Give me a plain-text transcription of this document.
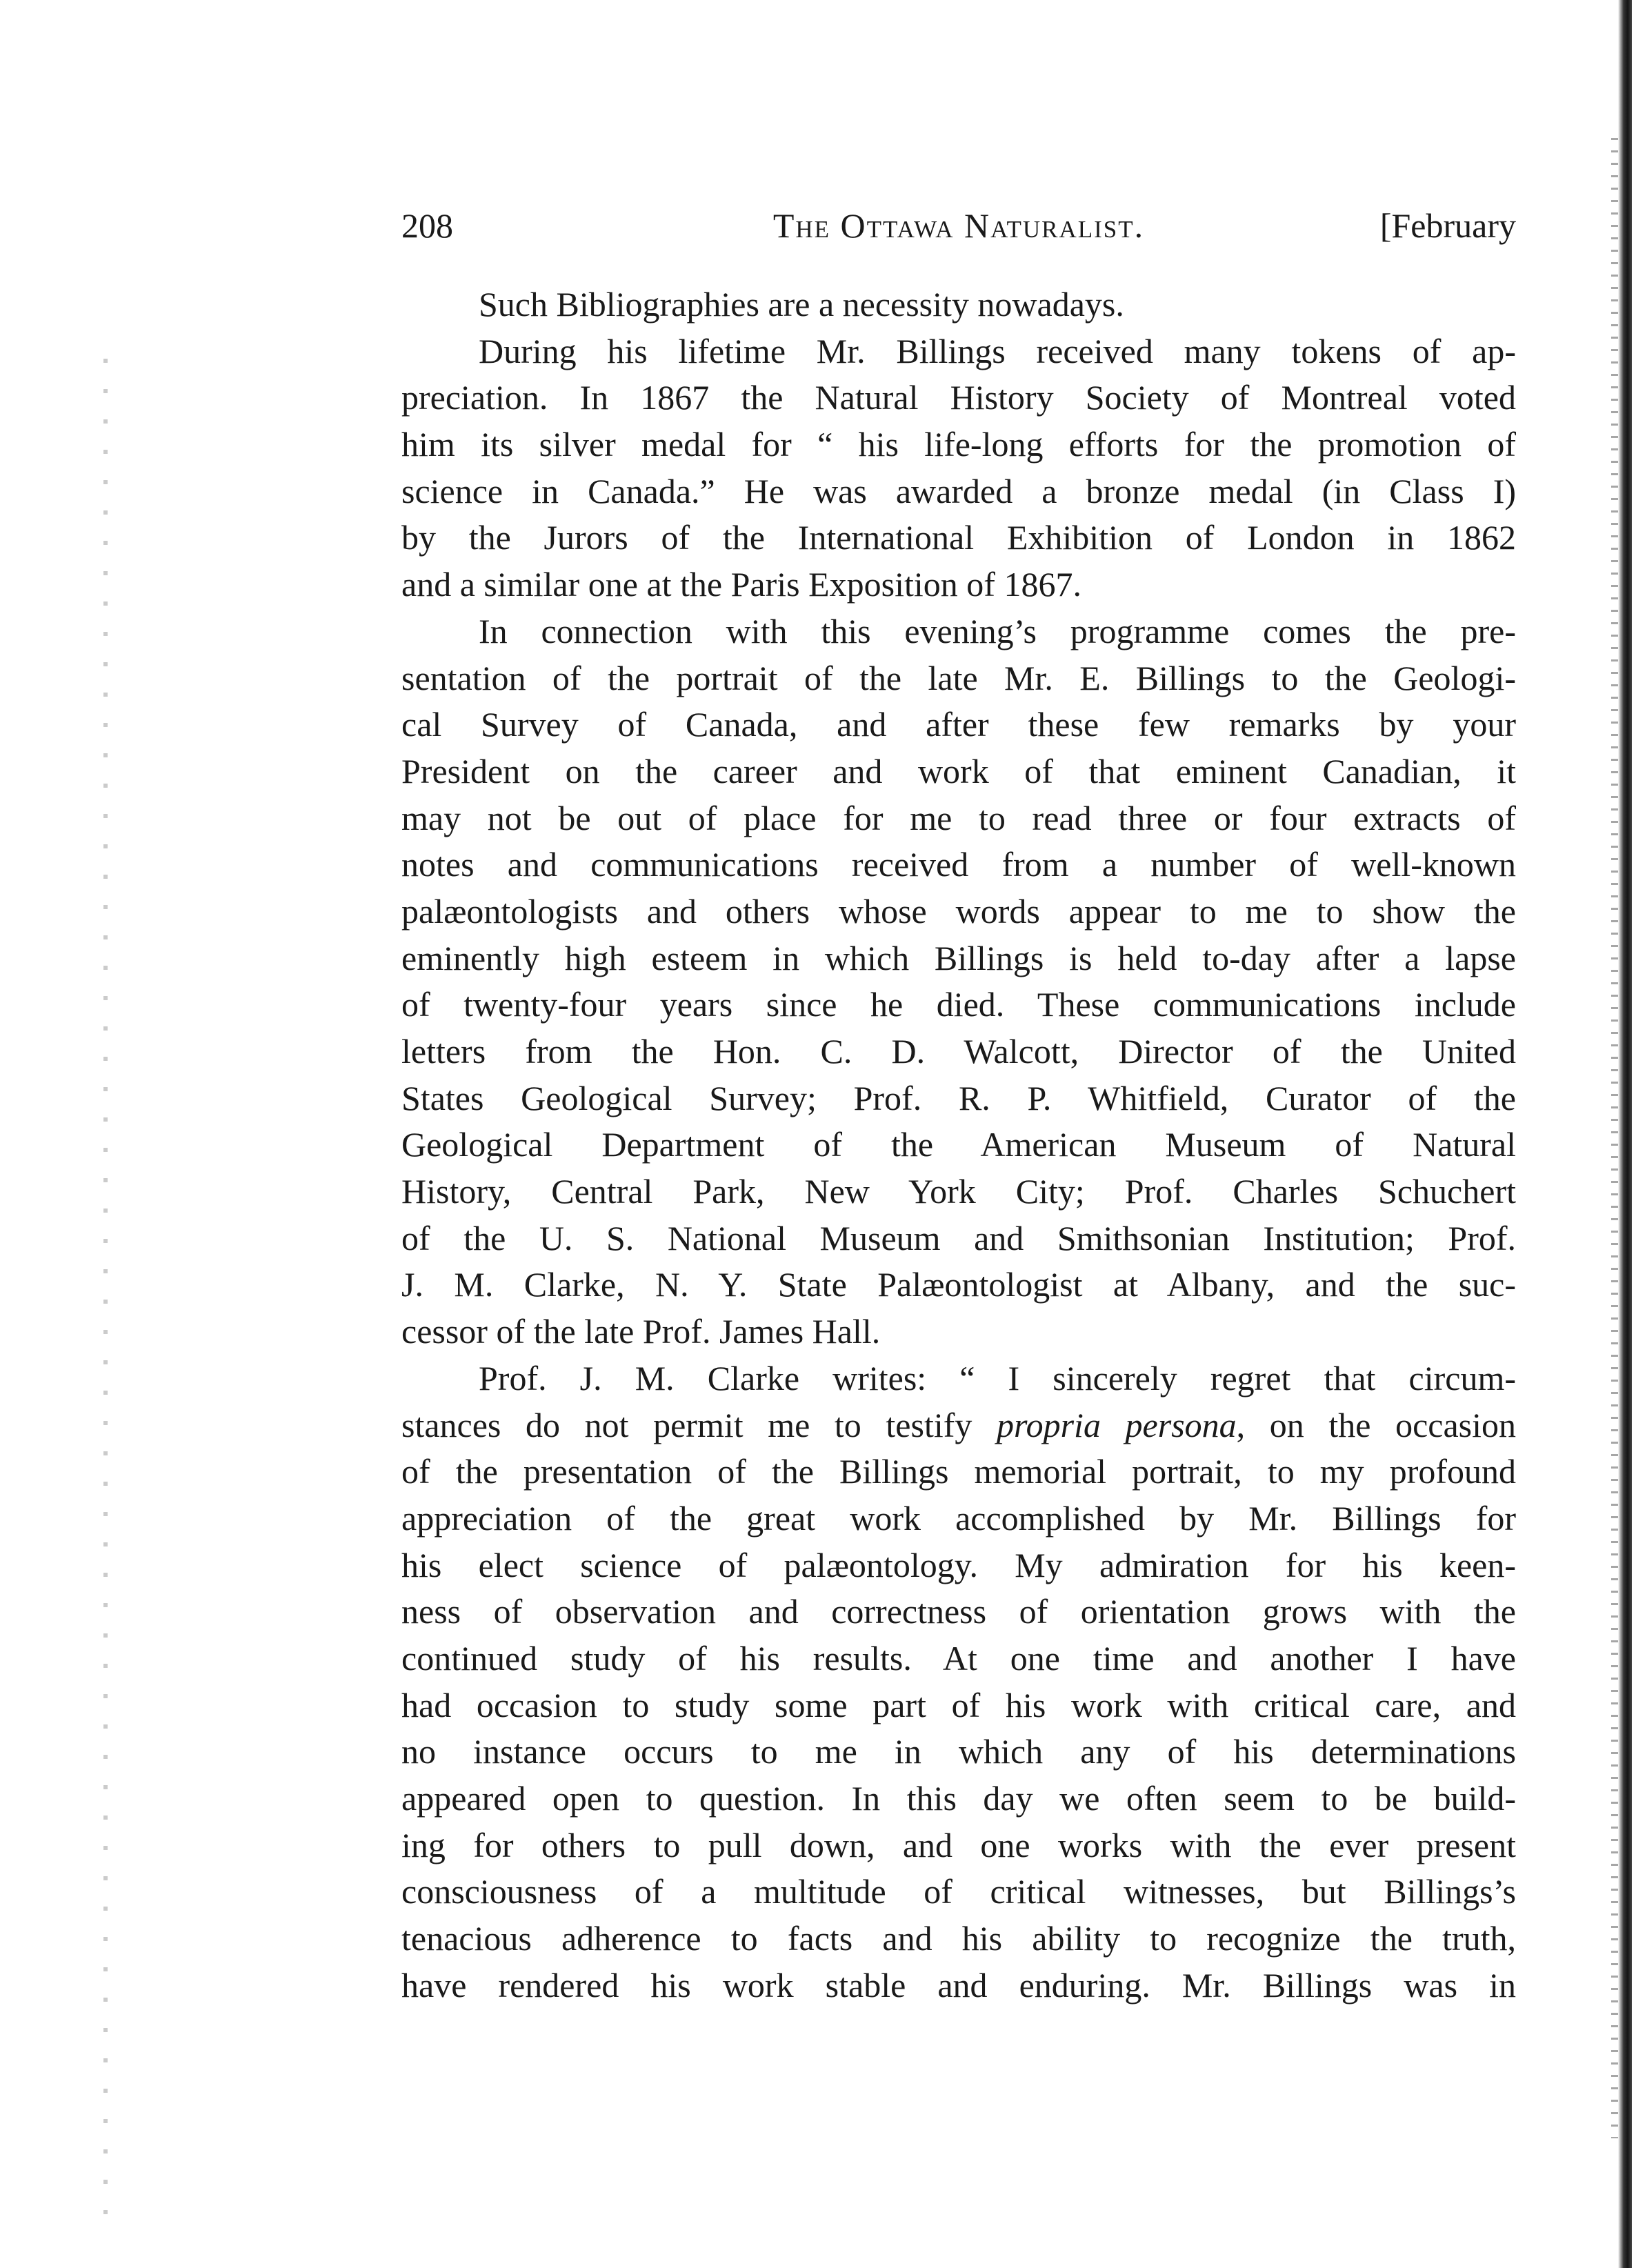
208	The Ottawa Naturalist.	[February
Such Bibliographies are a necessity nowadays.
During his lifetime Mr. Billings received many tokens of ap-
preciation. In 1867 the Natural History Society of Montreal voted
him its silver medal for “ his life-long efforts for the promotion of
science in Canada.” He was awarded a bronze medal (in Class I)
by the Jurors of the International Exhibition of London in 1862
and a similar one at the Paris Exposition of 1867.
In connection with this evening’s programme comes the pre-
sentation of the portrait of the late Mr. E. Billings to the Geologi-
cal Survey of Canada, and after these few remarks by your
President on the career and work of that eminent Canadian, it
may not be out of place for me to read three or four extracts of
notes and communications received from a number of well-known
palæontologists and others whose words appear to me to show the
eminently high esteem in which Billings is held to-day after a lapse
of twenty-four years since he died. These communications include
letters from the Hon. C. D. Walcott, Director of the United
States Geological Survey; Prof. R. P. Whitfield, Curator of the
Geological Department of the American Museum of Natural
History, Central Park, New York City; Prof. Charles Schuchert
of the U. S. National Museum and Smithsonian Institution; Prof.
J. M. Clarke, N. Y. State Palæontologist at Albany, and the suc-
cessor of the late Prof. James Hall.
Prof. J. M. Clarke writes: “ I sincerely regret that circum-
stances do not permit me to testify propria persona, on the occasion
of the presentation of the Billings memorial portrait, to my profound
appreciation of the great work accomplished by Mr. Billings for
his elect science of palæontology. My admiration for his keen-
ness of observation and correctness of orientation grows with the
continued study of his results. At one time and another I have
had occasion to study some part of his work with critical care, and
no instance occurs to me in which any of his determinations
appeared open to question. In this day we often seem to be build-
ing for others to pull down, and one works with the ever present
consciousness of a multitude of critical witnesses, but Billings’s
tenacious adherence to facts and his ability to recognize the truth,
have rendered his work stable and enduring. Mr. Billings was in
